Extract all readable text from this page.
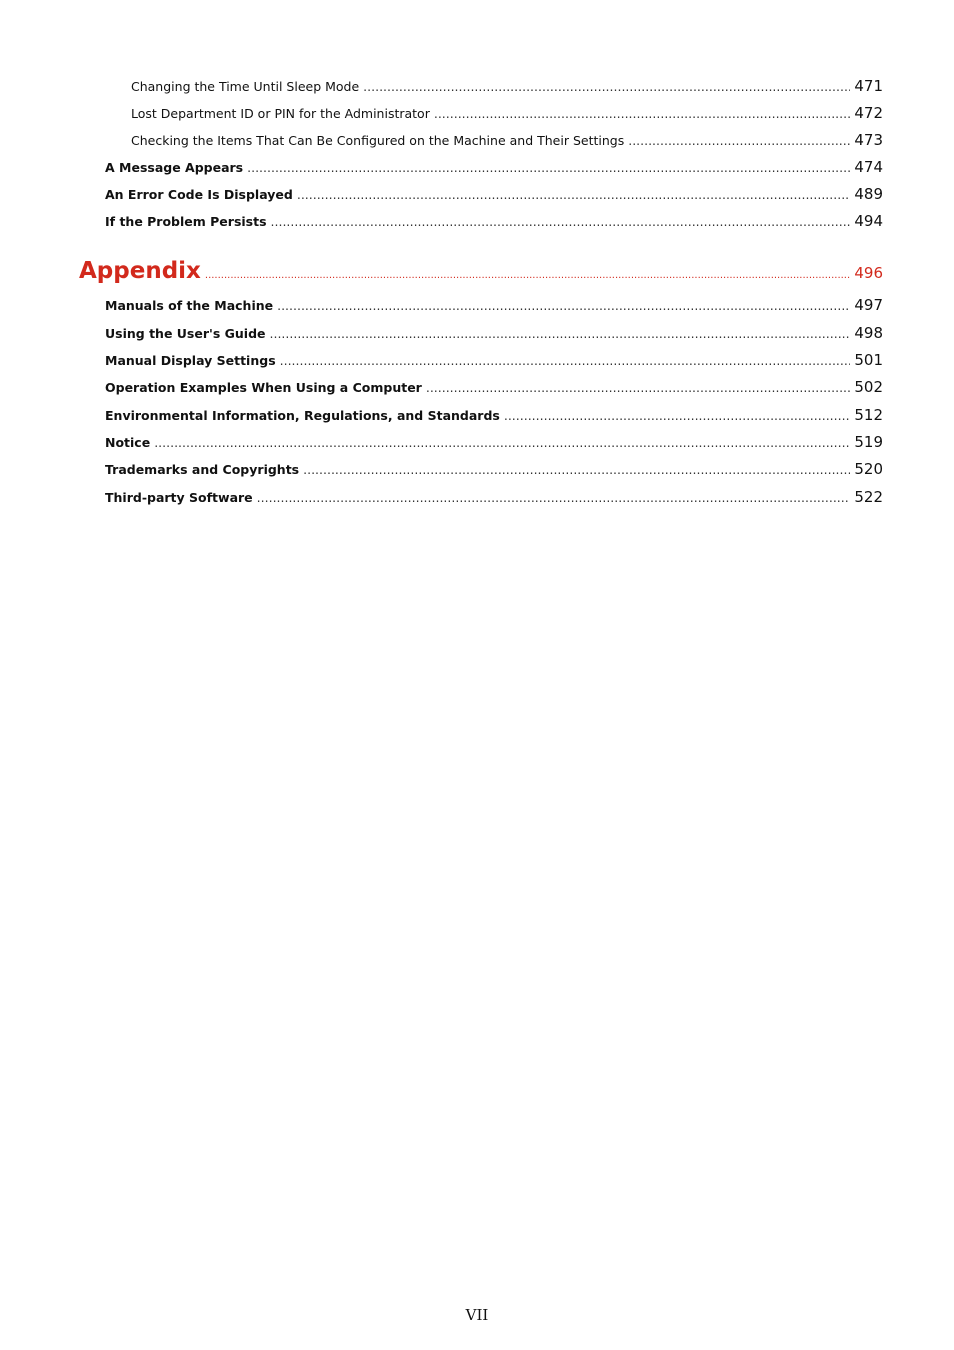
Changing the Time Until Sleep Mode .....	471
Lost Department ID or PIN for the Administrator .....	472
Checking the Items That Can Be Configured on the Machine and Their Settings .....	473
A Message Appears .....	474
An Error Code Is Displayed .....	489
If the Problem Persists .....	494
Appendix .....	496
Manuals of the Machine .....	497
Using the User's Guide .....	498
Manual Display Settings .....	501
Operation Examples When Using a Computer .....	502
Environmental Information, Regulations, and Standards .....	512
Notice .....	519
Trademarks and Copyrights .....	520
Third-party Software .....	522
VII
